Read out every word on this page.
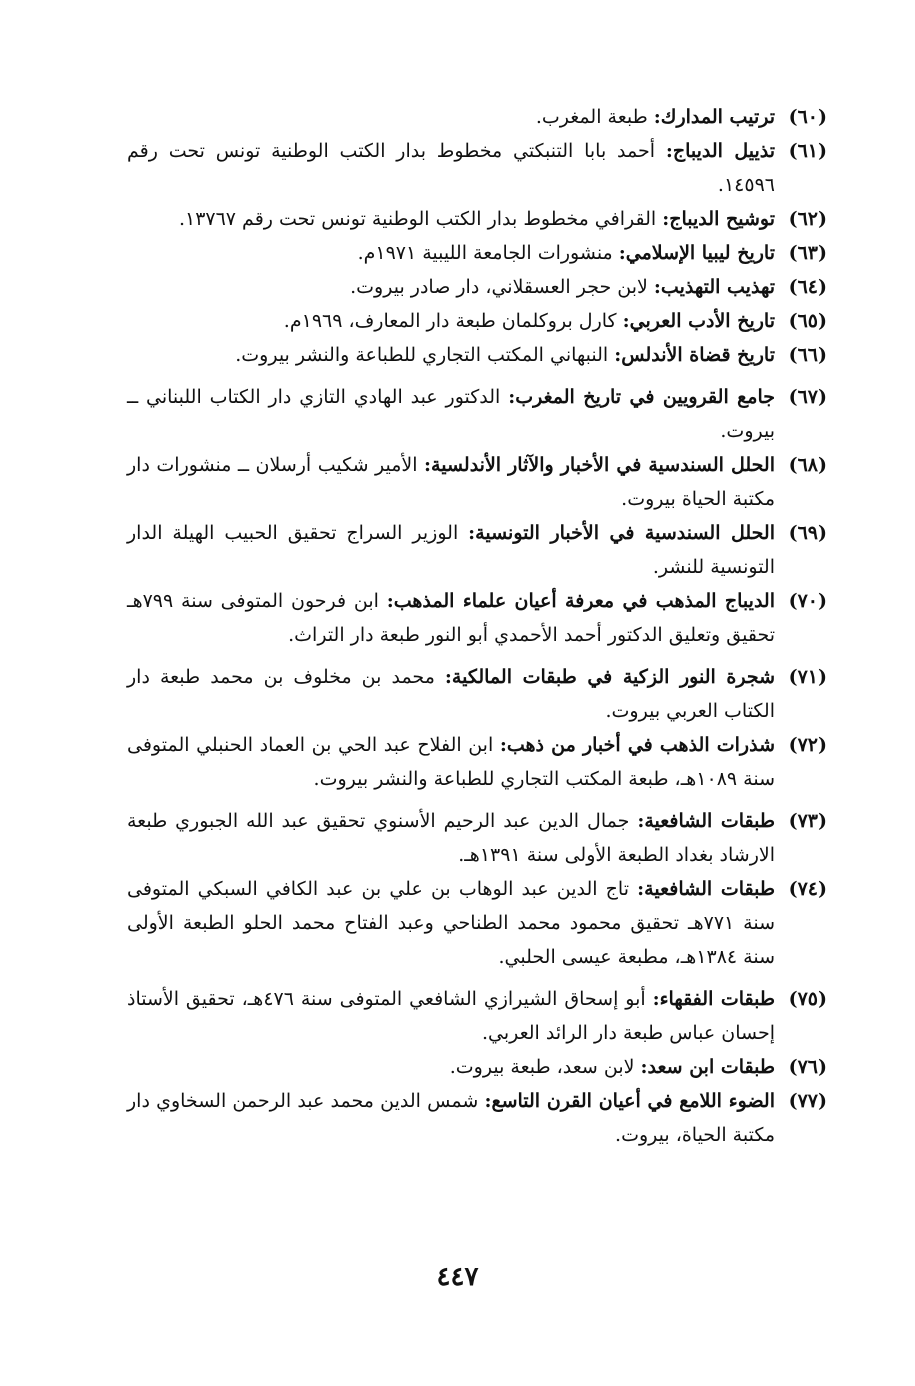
(٦٠)
ترتيب المدارك: طبعة المغرب.
(٦١)
تذييل الديباج: أحمد بابا التنبكتي مخطوط بدار الكتب الوطنية تونس تحت رقم ١٤٥٩٦.
(٦٢)
توشيح الديباج: القرافي مخطوط بدار الكتب الوطنية تونس تحت رقم ١٣٧٦٧.
(٦٣)
تاريخ ليبيا الإسلامي: منشورات الجامعة الليبية ١٩٧١م.
(٦٤)
تهذيب التهذيب: لابن حجر العسقلاني، دار صادر بيروت.
(٦٥)
تاريخ الأدب العربي: كارل بروكلمان طبعة دار المعارف، ١٩٦٩م.
(٦٦)
تاريخ قضاة الأندلس: النبهاني المكتب التجاري للطباعة والنشر بيروت.
(٦٧)
جامع القرويين في تاريخ المغرب: الدكتور عبد الهادي التازي دار الكتاب اللبناني ــ بيروت.
(٦٨)
الحلل السندسية في الأخبار والآثار الأندلسية: الأمير شكيب أرسلان ــ منشورات دار مكتبة الحياة بيروت.
(٦٩)
الحلل السندسية في الأخبار التونسية: الوزير السراج تحقيق الحبيب الهيلة الدار التونسية للنشر.
(٧٠)
الديباج المذهب في معرفة أعيان علماء المذهب: ابن فرحون المتوفى سنة ٧٩٩هـ تحقيق وتعليق الدكتور أحمد الأحمدي أبو النور طبعة دار التراث.
(٧١)
شجرة النور الزكية في طبقات المالكية: محمد بن مخلوف بن محمد طبعة دار الكتاب العربي بيروت.
(٧٢)
شذرات الذهب في أخبار من ذهب: ابن الفلاح عبد الحي بن العماد الحنبلي المتوفى سنة ١٠٨٩هـ، طبعة المكتب التجاري للطباعة والنشر بيروت.
(٧٣)
طبقات الشافعية: جمال الدين عبد الرحيم الأسنوي تحقيق عبد الله الجبوري طبعة الارشاد بغداد الطبعة الأولى سنة ١٣٩١هـ.
(٧٤)
طبقات الشافعية: تاج الدين عبد الوهاب بن علي بن عبد الكافي السبكي المتوفى سنة ٧٧١هـ تحقيق محمود محمد الطناحي وعبد الفتاح محمد الحلو الطبعة الأولى سنة ١٣٨٤هـ، مطبعة عيسى الحلبي.
(٧٥)
طبقات الفقهاء: أبو إسحاق الشيرازي الشافعي المتوفى سنة ٤٧٦هـ، تحقيق الأستاذ إحسان عباس طبعة دار الرائد العربي.
(٧٦)
طبقات ابن سعد: لابن سعد، طبعة بيروت.
(٧٧)
الضوء اللامع في أعيان القرن التاسع: شمس الدين محمد عبد الرحمن السخاوي دار مكتبة الحياة، بيروت.
٤٤٧
